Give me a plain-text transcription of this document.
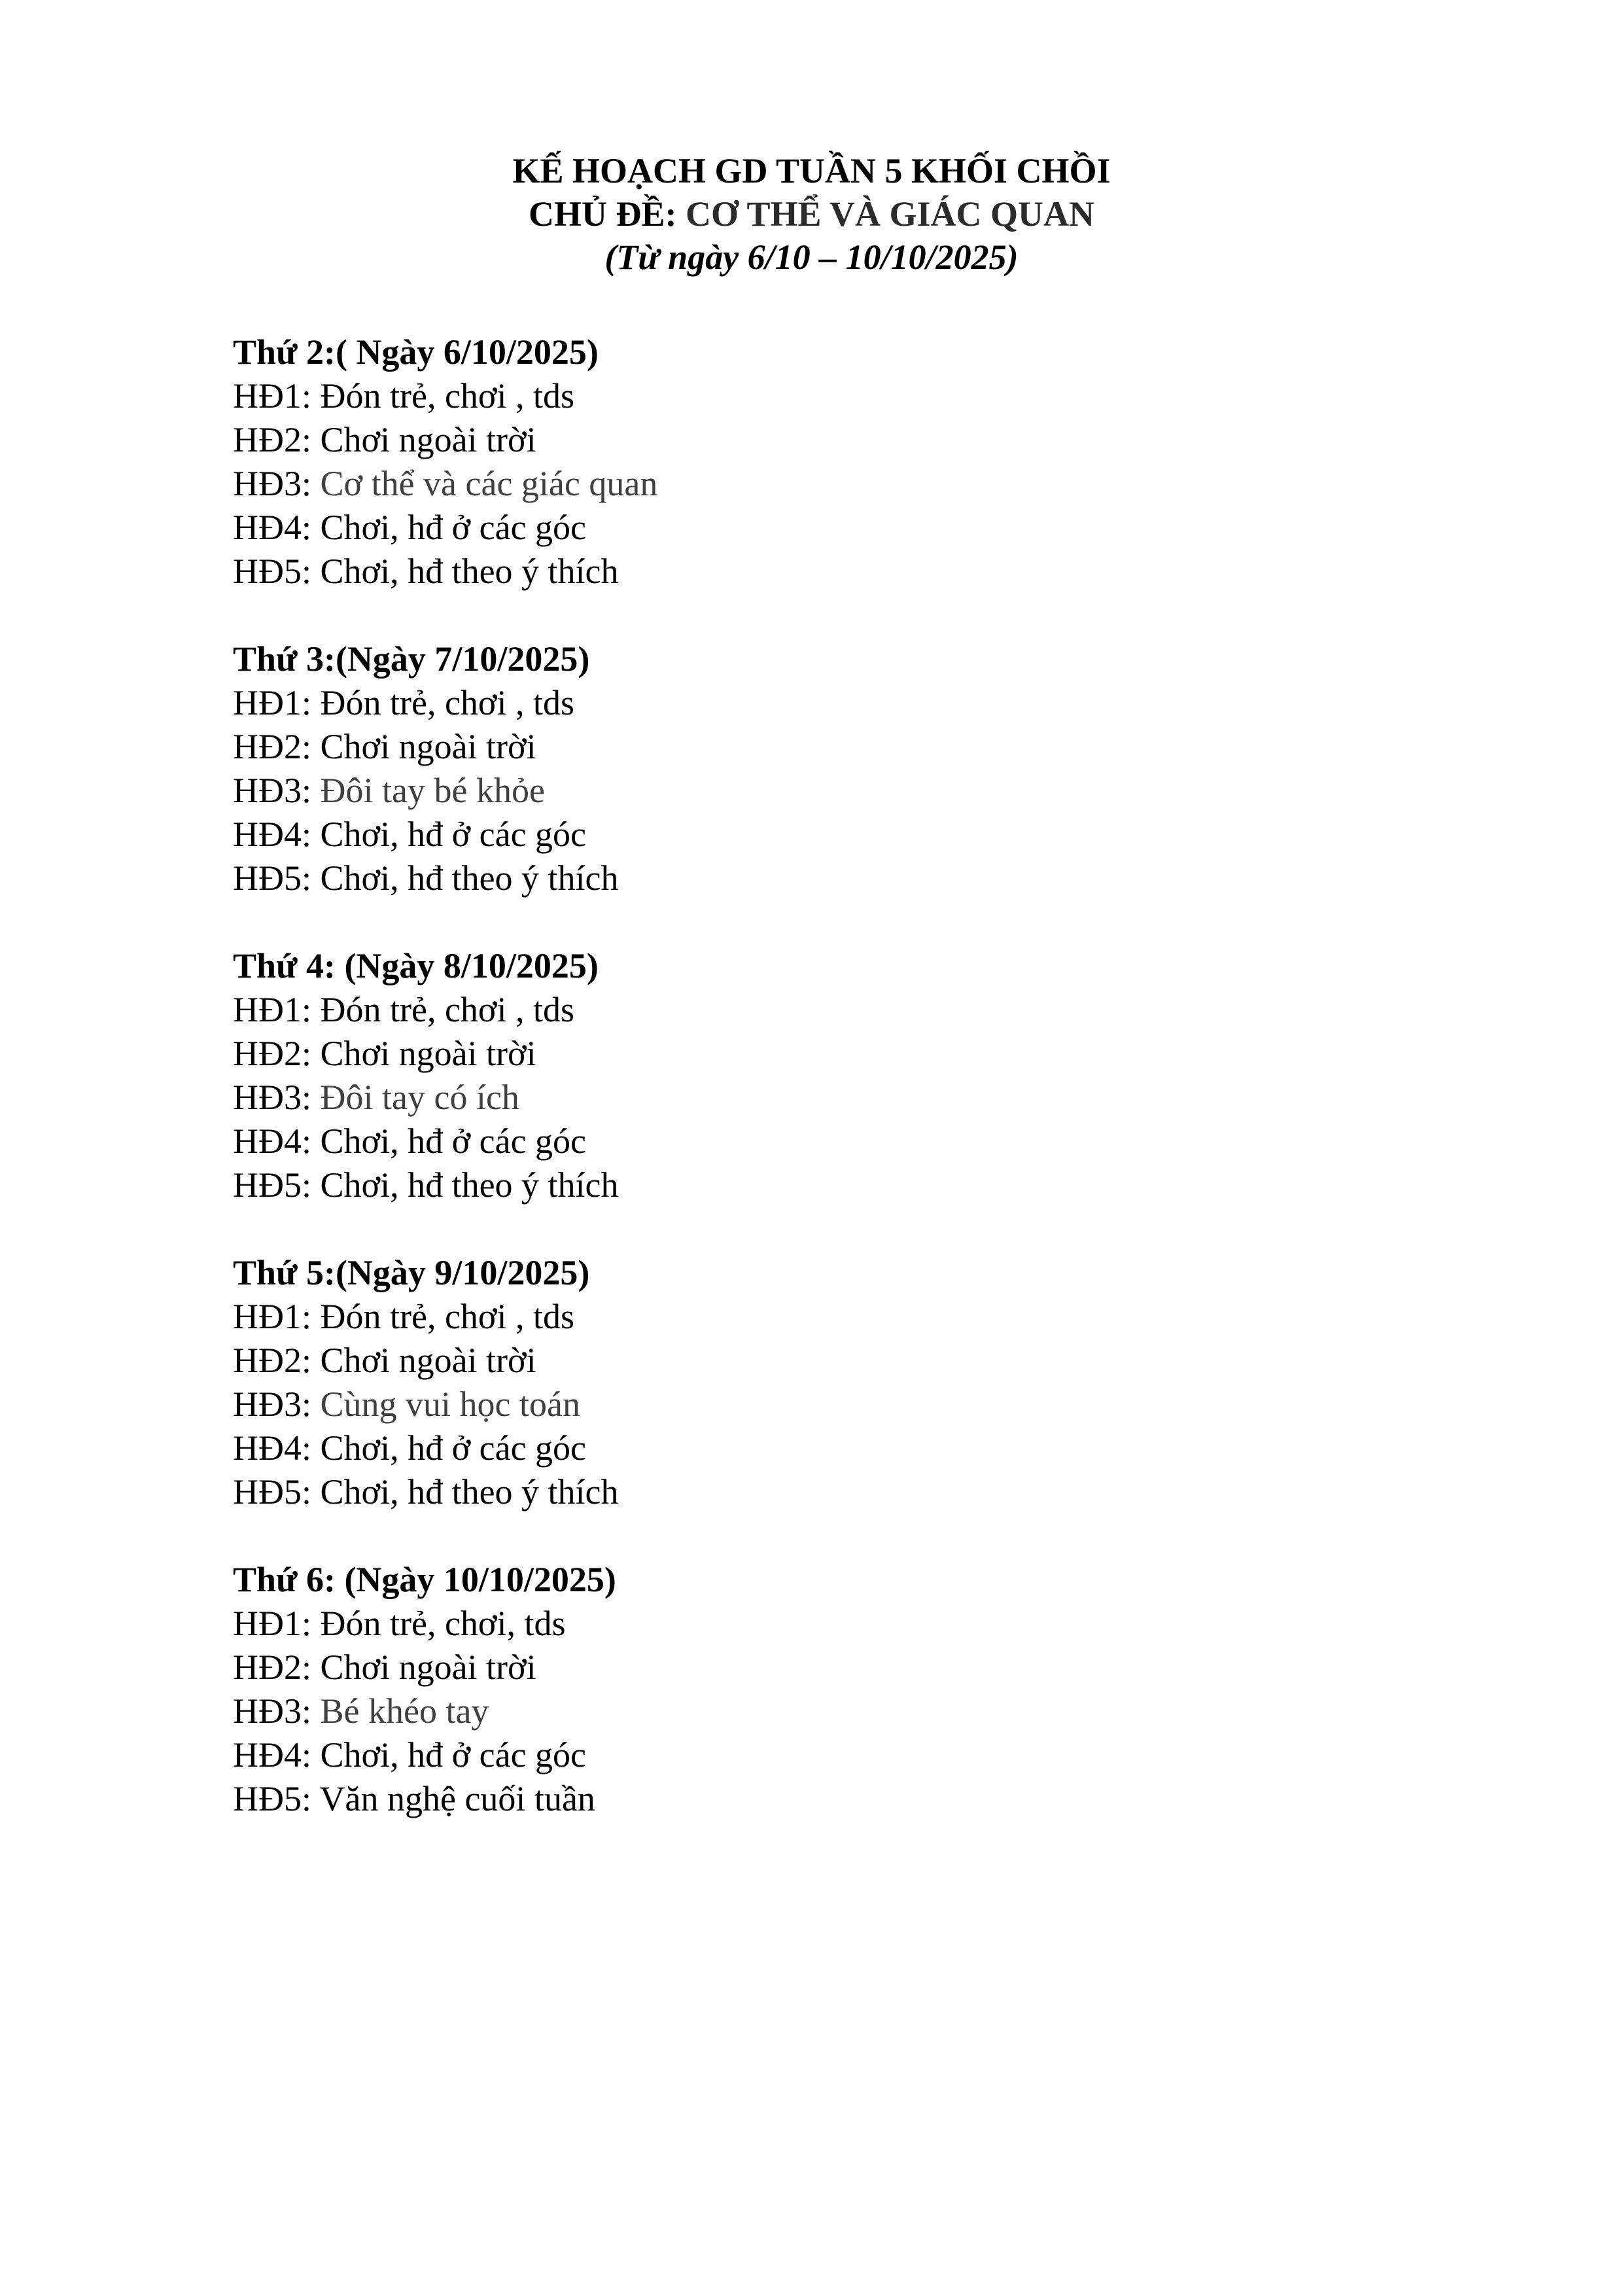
KẾ HOẠCH GD TUẦN 5 KHỐI CHỒI
CHỦ ĐỀ: CƠ THỂ VÀ GIÁC QUAN
(Từ ngày 6/10 – 10/10/2025)
Thứ 2:( Ngày 6/10/2025)
HĐ1: Đón trẻ, chơi , tds
HĐ2: Chơi ngoài trời
HĐ3: Cơ thể và các giác quan
HĐ4: Chơi, hđ ở các góc
HĐ5: Chơi, hđ theo ý thích
Thứ 3:(Ngày 7/10/2025)
HĐ1: Đón trẻ, chơi , tds
HĐ2: Chơi ngoài trời
HĐ3: Đôi tay bé khỏe
HĐ4: Chơi, hđ ở các góc
HĐ5: Chơi, hđ theo ý thích
Thứ 4: (Ngày 8/10/2025)
HĐ1: Đón trẻ, chơi , tds
HĐ2: Chơi ngoài trời
HĐ3: Đôi tay có ích
HĐ4: Chơi, hđ ở các góc
HĐ5: Chơi, hđ theo ý thích
Thứ 5:(Ngày 9/10/2025)
HĐ1: Đón trẻ, chơi , tds
HĐ2: Chơi ngoài trời
HĐ3: Cùng vui học toán
HĐ4: Chơi, hđ ở các góc
HĐ5: Chơi, hđ theo ý thích
Thứ 6: (Ngày 10/10/2025)
HĐ1: Đón trẻ, chơi, tds
HĐ2: Chơi ngoài trời
HĐ3: Bé khéo tay
HĐ4: Chơi, hđ ở các góc
HĐ5: Văn nghệ cuối tuần
